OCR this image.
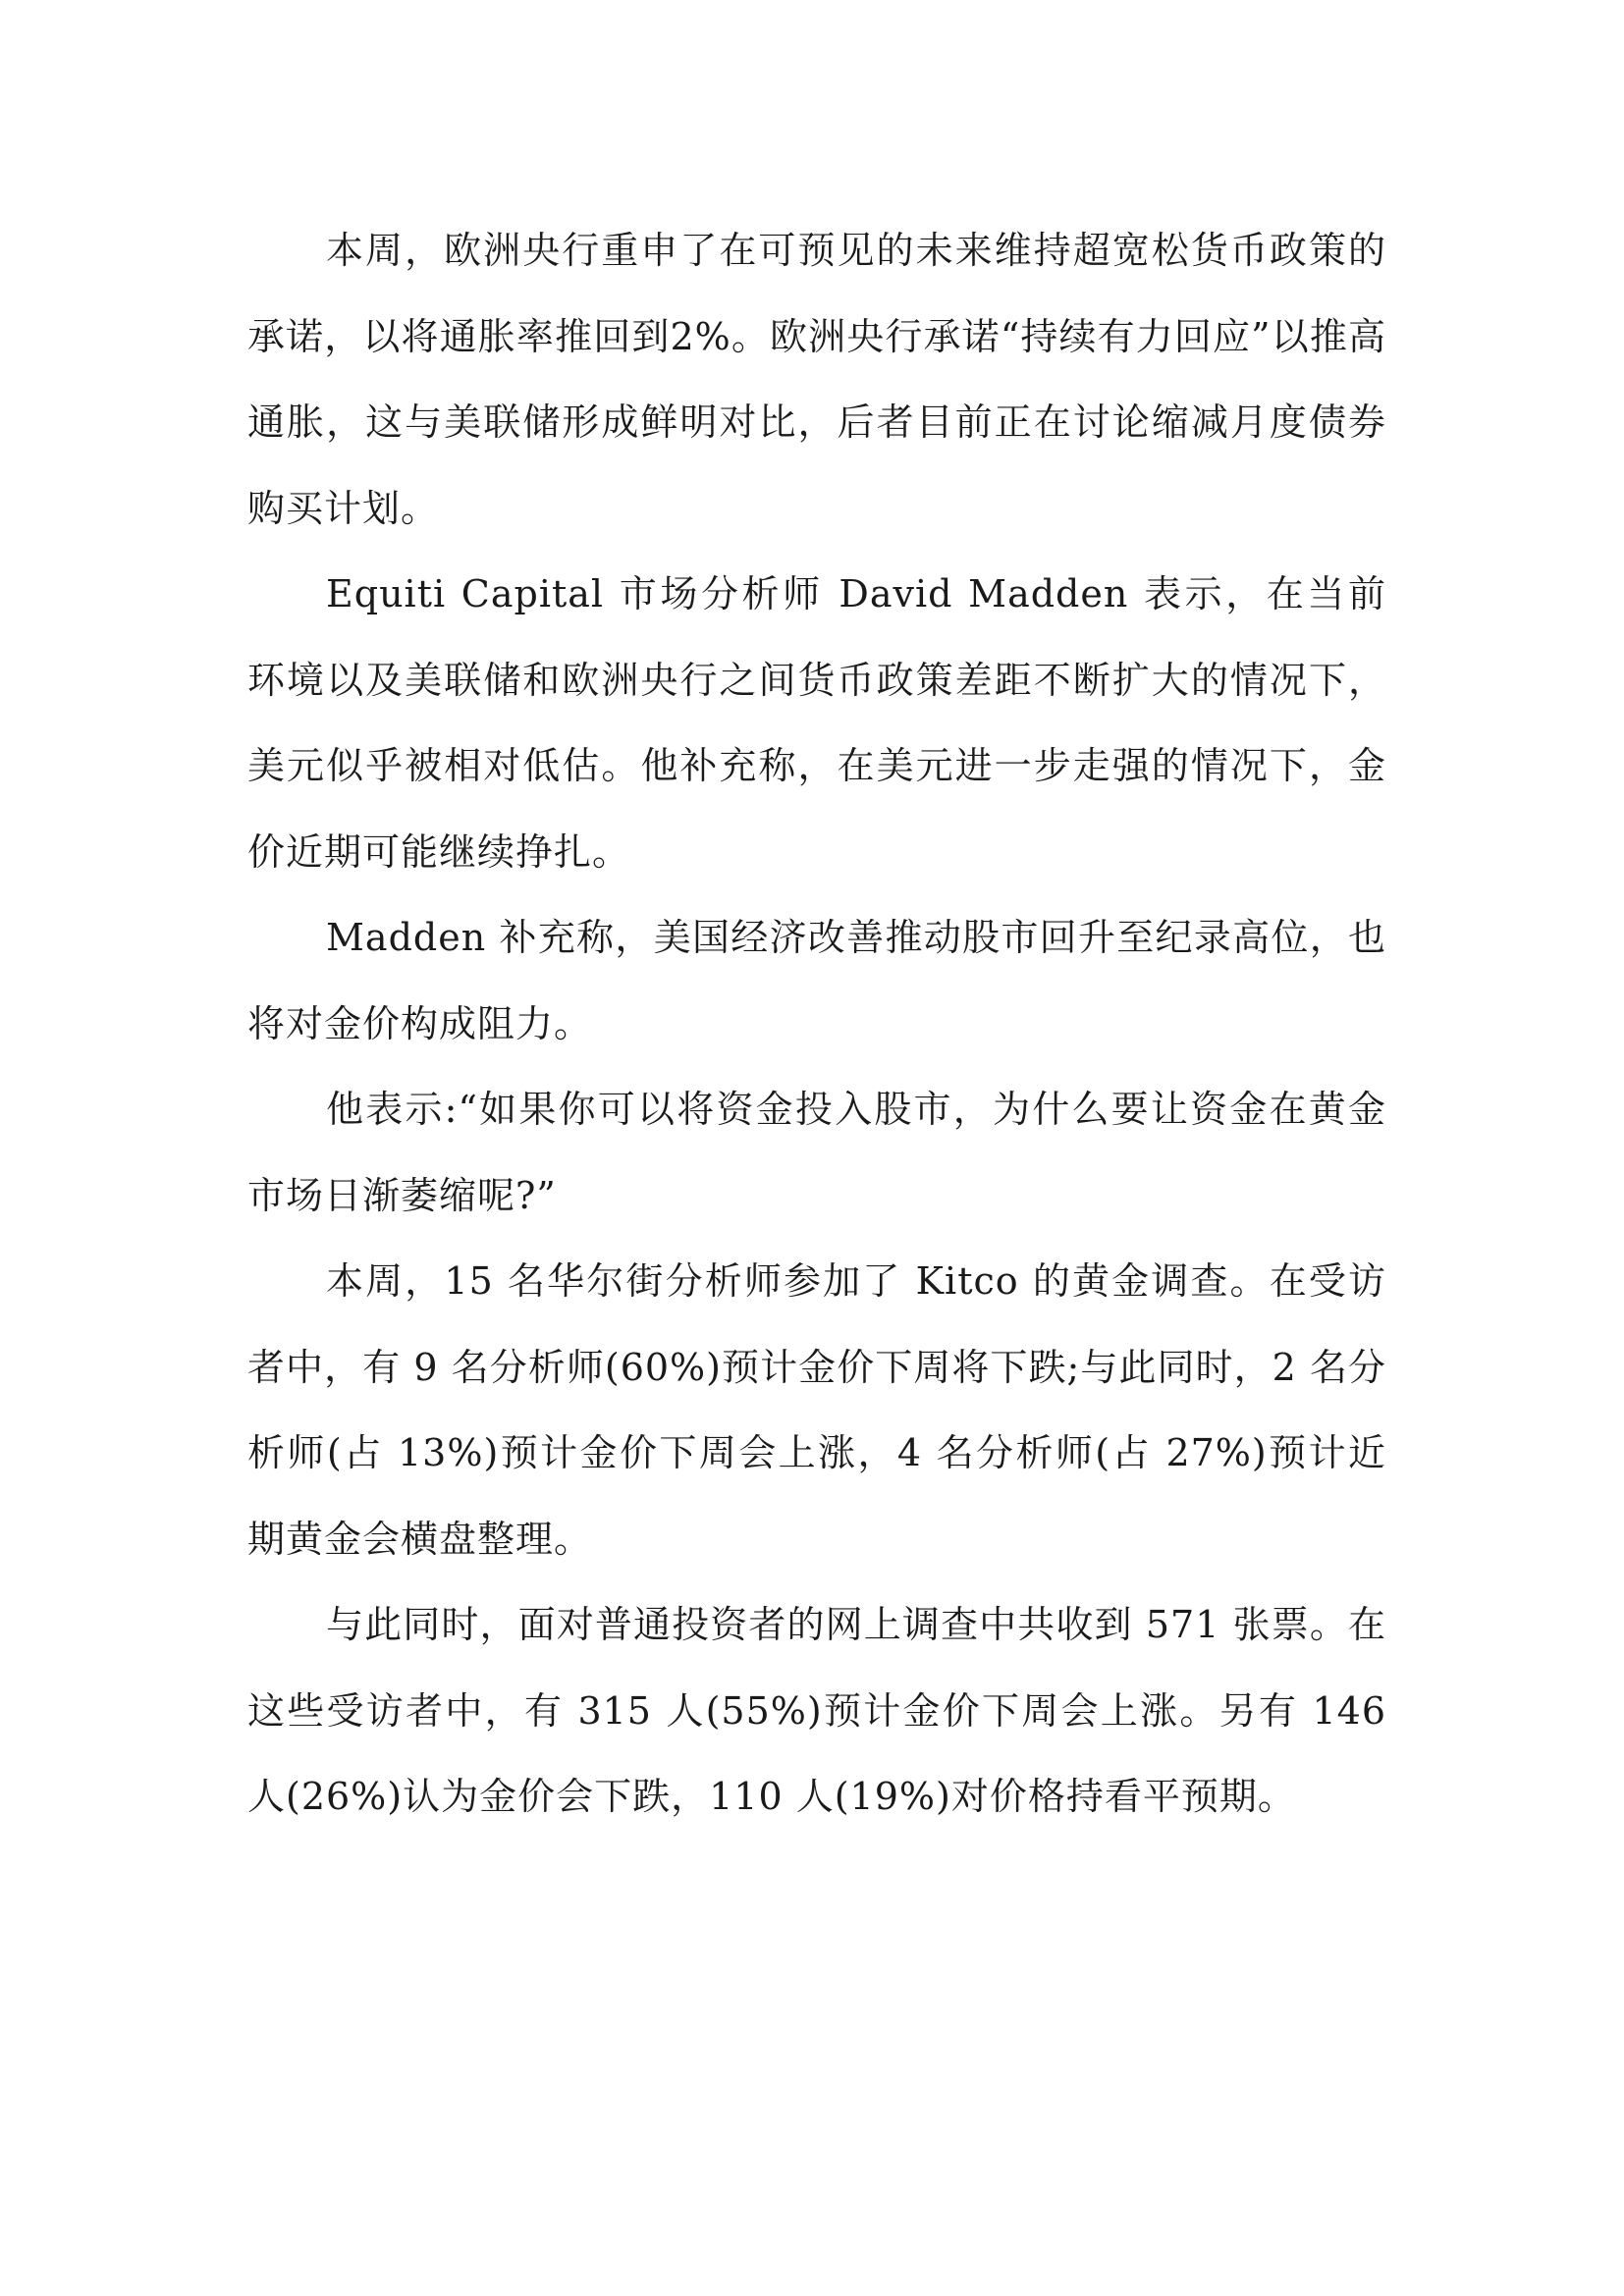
本周，欧洲央行重申了在可预见的未来维持超宽松货币政策的承诺，以将通胀率推回到2%。欧洲央行承诺“持续有力回应”以推高通胀，这与美联储形成鲜明对比，后者目前正在讨论缩减月度债券购买计划。

Equiti Capital 市场分析师 David Madden 表示，在当前环境以及美联储和欧洲央行之间货币政策差距不断扩大的情况下，美元似乎被相对低估。他补充称，在美元进一步走强的情况下，金价近期可能继续挣扎。

Madden 补充称，美国经济改善推动股市回升至纪录高位，也将对金价构成阻力。

他表示:“如果你可以将资金投入股市，为什么要让资金在黄金市场日渐萎缩呢?”

本周，15 名华尔街分析师参加了 Kitco 的黄金调查。在受访者中，有 9 名分析师(60%)预计金价下周将下跌;与此同时，2 名分析师(占 13%)预计金价下周会上涨，4 名分析师(占 27%)预计近期黄金会横盘整理。

与此同时，面对普通投资者的网上调查中共收到 571 张票。在这些受访者中，有 315 人(55%)预计金价下周会上涨。另有 146 人(26%)认为金价会下跌，110 人(19%)对价格持看平预期。
